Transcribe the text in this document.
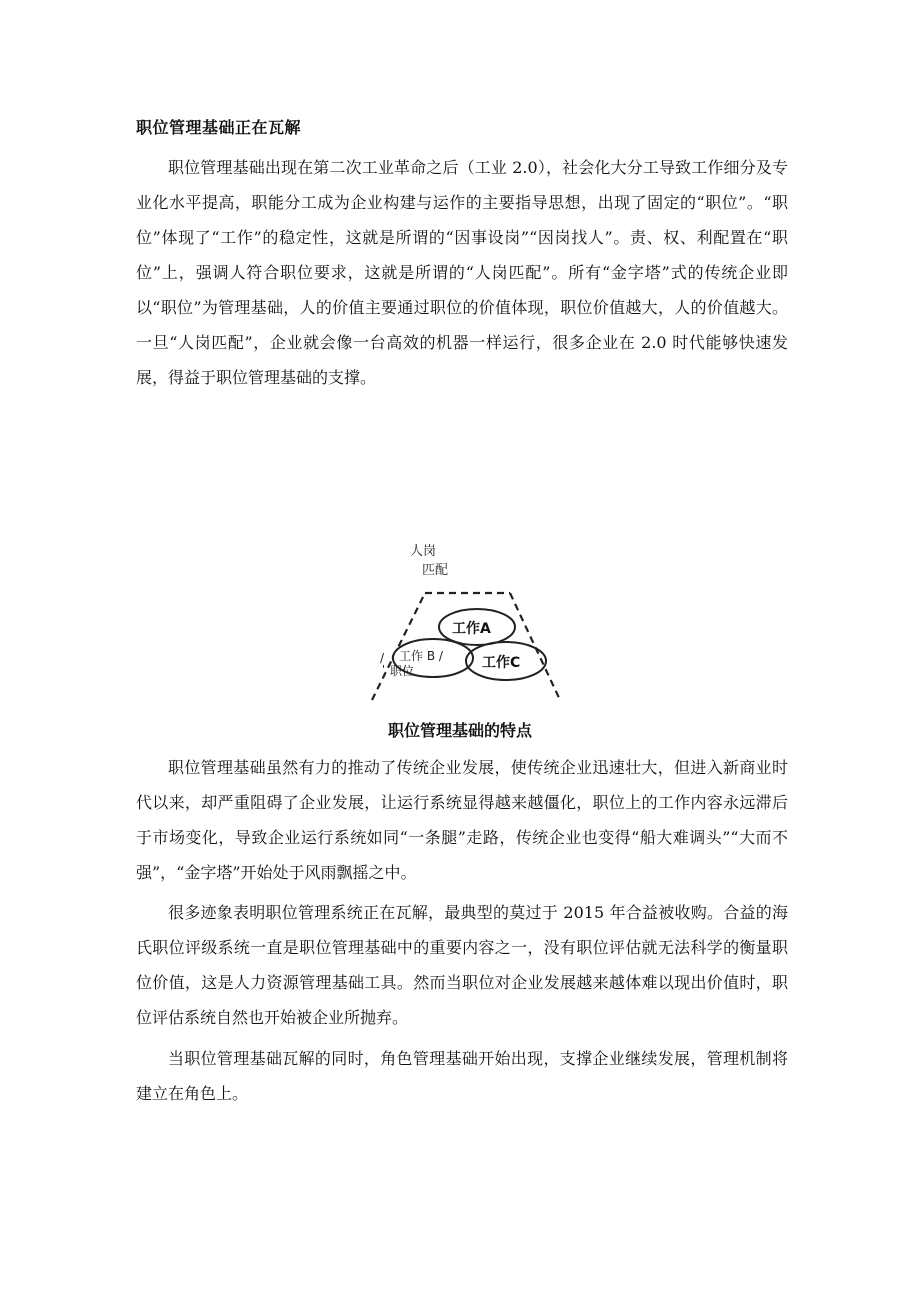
职位管理基础正在瓦解

职位管理基础出现在第二次工业革命之后（工业 2.0），社会化大分工导致工作细分及专业化水平提高，职能分工成为企业构建与运作的主要指导思想，出现了固定的“职位”。“职位”体现了“工作”的稳定性，这就是所谓的“因事设岗”“因岗找人”。责、权、利配置在“职位”上，强调人符合职位要求，这就是所谓的“人岗匹配”。所有“金字塔”式的传统企业即以“职位”为管理基础，人的价值主要通过职位的价值体现，职位价值越大，人的价值越大。一旦“人岗匹配”，企业就会像一台高效的机器一样运行，很多企业在 2.0 时代能够快速发展，得益于职位管理基础的支撑。

人岗
匹配
工作A
/（ 工作 B /	工作C
' 职位
职位管理基础的特点

职位管理基础虽然有力的推动了传统企业发展，使传统企业迅速壮大，但进入新商业时代以来，却严重阻碍了企业发展，让运行系统显得越来越僵化，职位上的工作内容永远滞后于市场变化，导致企业运行系统如同“一条腿”走路，传统企业也变得“船大难调头”“大而不强”，“金字塔”开始处于风雨飘摇之中。

很多迹象表明职位管理系统正在瓦解，最典型的莫过于 2015 年合益被收购。合益的海氏职位评级系统一直是职位管理基础中的重要内容之一，没有职位评估就无法科学的衡量职位价值，这是人力资源管理基础工具。然而当职位对企业发展越来越体难以现出价值时，职位评估系统自然也开始被企业所抛弃。

当职位管理基础瓦解的同时，角色管理基础开始出现，支撑企业继续发展，管理机制将建立在角色上。
